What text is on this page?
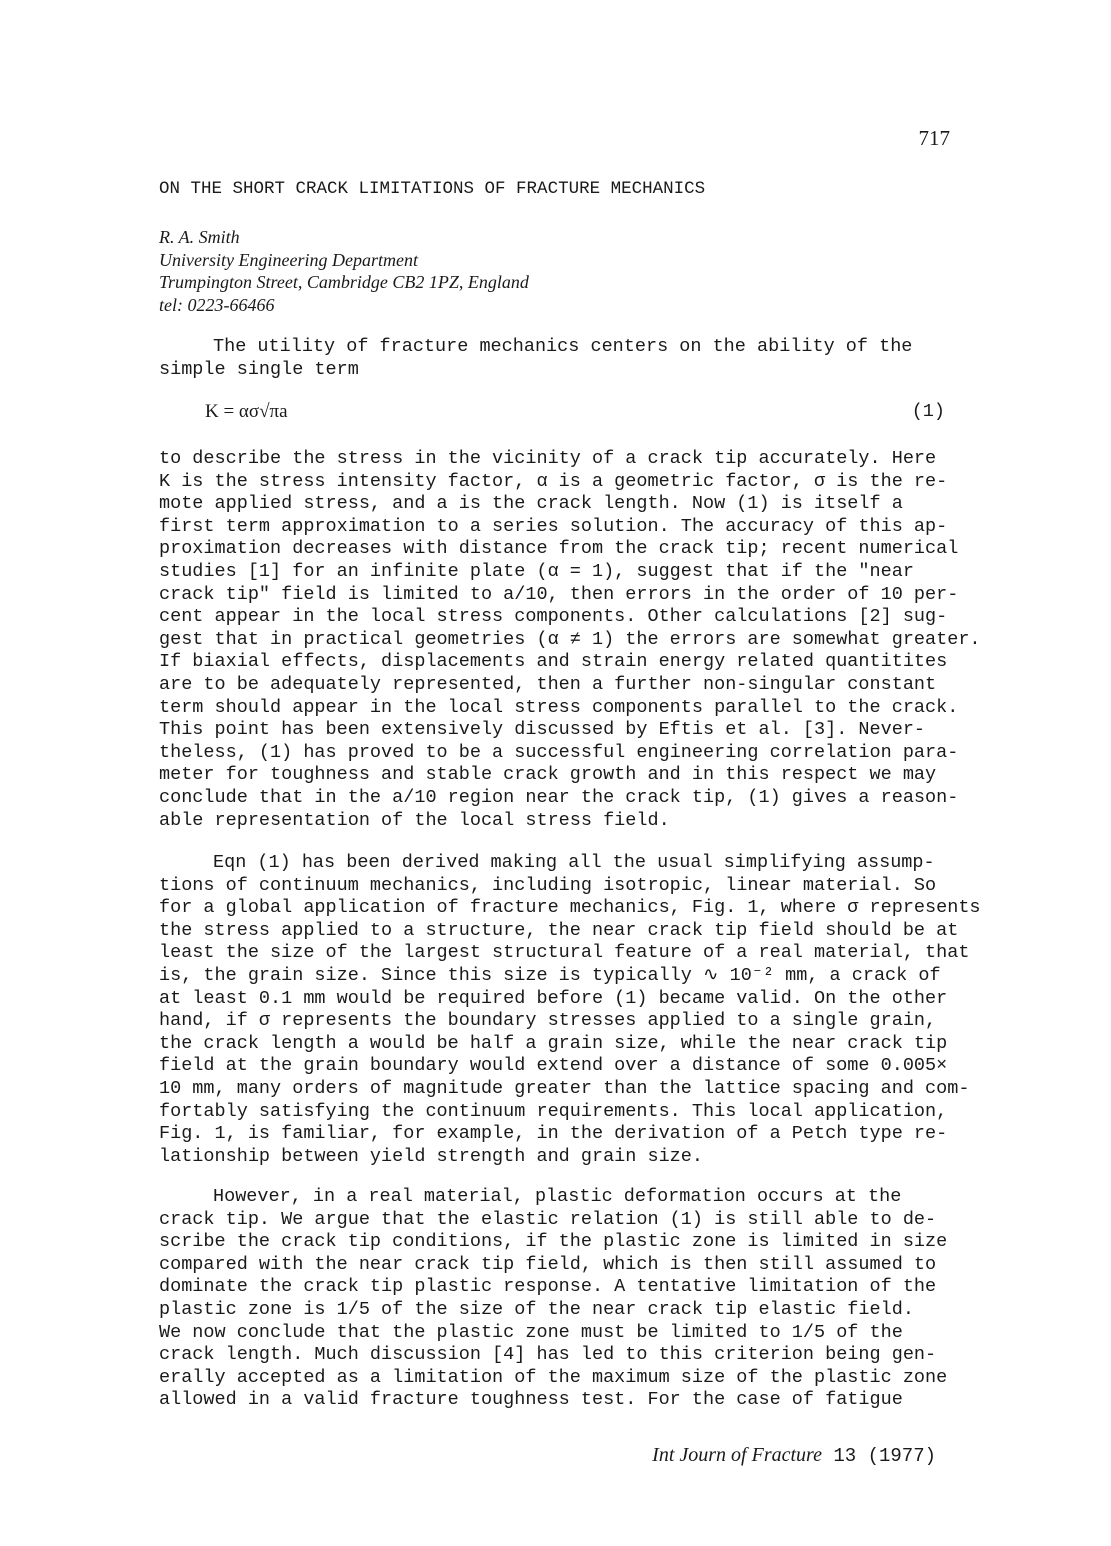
717
ON THE SHORT CRACK LIMITATIONS OF FRACTURE MECHANICS
R. A. Smith
University Engineering Department
Trumpington Street, Cambridge CB2 1PZ, England
tel: 0223-66466
The utility of fracture mechanics centers on the ability of the
simple single term
K = ασ√πa	(1)
to describe the stress in the vicinity of a crack tip accurately. Here
K is the stress intensity factor, α is a geometric factor, σ is the re-
mote applied stress, and a is the crack length. Now (1) is itself a
first term approximation to a series solution. The accuracy of this ap-
proximation decreases with distance from the crack tip; recent numerical
studies [1] for an infinite plate (α = 1), suggest that if the "near
crack tip" field is limited to a/10, then errors in the order of 10 per-
cent appear in the local stress components. Other calculations [2] sug-
gest that in practical geometries (α ≠ 1) the errors are somewhat greater.
If biaxial effects, displacements and strain energy related quantitites
are to be adequately represented, then a further non-singular constant
term should appear in the local stress components parallel to the crack.
This point has been extensively discussed by Eftis et al. [3]. Never-
theless, (1) has proved to be a successful engineering correlation para-
meter for toughness and stable crack growth and in this respect we may
conclude that in the a/10 region near the crack tip, (1) gives a reason-
able representation of the local stress field.
Eqn (1) has been derived making all the usual simplifying assump-
tions of continuum mechanics, including isotropic, linear material. So
for a global application of fracture mechanics, Fig. 1, where σ represents
the stress applied to a structure, the near crack tip field should be at
least the size of the largest structural feature of a real material, that
is, the grain size. Since this size is typically ∿ 10⁻² mm, a crack of
at least 0.1 mm would be required before (1) became valid. On the other
hand, if σ represents the boundary stresses applied to a single grain,
the crack length a would be half a grain size, while the near crack tip
field at the grain boundary would extend over a distance of some 0.005×
10 mm, many orders of magnitude greater than the lattice spacing and com-
fortably satisfying the continuum requirements. This local application,
Fig. 1, is familiar, for example, in the derivation of a Petch type re-
lationship between yield strength and grain size.
However, in a real material, plastic deformation occurs at the
crack tip. We argue that the elastic relation (1) is still able to de-
scribe the crack tip conditions, if the plastic zone is limited in size
compared with the near crack tip field, which is then still assumed to
dominate the crack tip plastic response. A tentative limitation of the
plastic zone is 1/5 of the size of the near crack tip elastic field.
We now conclude that the plastic zone must be limited to 1/5 of the
crack length. Much discussion [4] has led to this criterion being gen-
erally accepted as a limitation of the maximum size of the plastic zone
allowed in a valid fracture toughness test. For the case of fatigue
Int Journ of Fracture 13 (1977)
